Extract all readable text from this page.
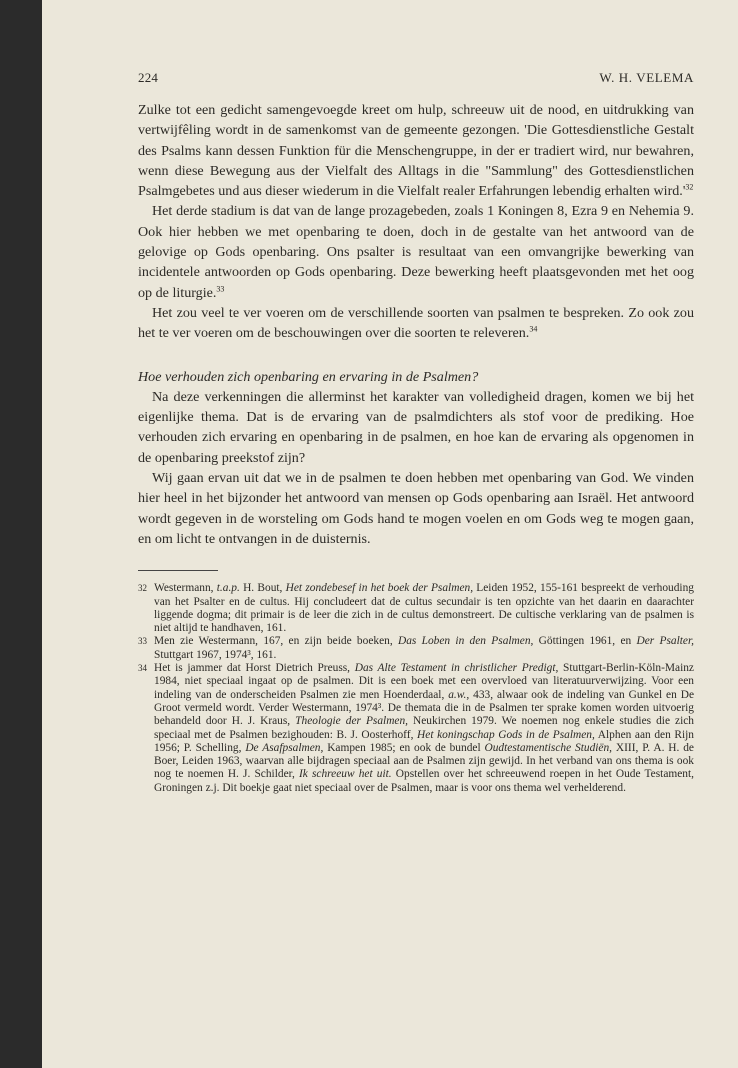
224	W. H. VELEMA

Zulke tot een gedicht samengevoegde kreet om hulp, schreeuw uit de nood, en uitdrukking van vertwijfêling wordt in de samenkomst van de gemeente gezongen. 'Die Gottesdienstliche Gestalt des Psalms kann dessen Funktion für die Menschengruppe, in der er tradiert wird, nur bewahren, wenn diese Bewegung aus der Vielfalt des Alltags in die "Sammlung" des Gottesdienstlichen Psalmgebetes und aus dieser wiederum in die Vielfalt realer Erfahrungen lebendig erhalten $wird.'^{32}$

Het derde stadium is dat van de lange prozagebeden, zoals 1 Koningen 8, Ezra 9 en Nehemia 9. Ook hier hebben we met openbaring te doen, doch in de gestalte van het antwoord van de gelovige op Gods openbaring. Ons psalter is resultaat van een omvangrijke bewerking van incidentele antwoorden op Gods openbaring. Deze bewerking heeft plaatsgevonden met het oog op de liturgie.$^{33}$

Het zou veel te ver voeren om de verschillende soorten van psalmen te bespreken. Zo ook zou het te ver voeren om de beschouwingen over die soorten te releveren.$^{34}$

Hoe verhouden zich openbaring en ervaring in de Psalmen?

Na deze verkenningen die allerminst het karakter van volledigheid dragen, komen we bij het eigenlijke thema. Dat is de ervaring van de psalmdichters als stof voor de prediking. Hoe verhouden zich ervaring en openbaring in de psalmen, en hoe kan de ervaring als opgenomen in de openbaring preekstof zijn?

Wij gaan ervan uit dat we in de psalmen te doen hebben met openbaring van God. We vinden hier heel in het bijzonder het antwoord van mensen op Gods openbaring aan Israël. Het antwoord wordt gegeven in de worsteling om Gods hand te mogen voelen en om Gods weg te mogen gaan, en om licht te ontvangen in de duisternis.

32 Westermann, t.a.p. H. Bout, Het zondebesef in het boek der Psalmen, Leiden 1952, 155-161 bespreekt de verhouding van het Psalter en de cultus. Hij concludeert dat de cultus secundair is ten opzichte van het daarin en daarachter liggende dogma; dit primair is de leer die zich in de cultus demonstreert. De cultische verklaring van de psalmen is niet altijd te handhaven, 161.
33 Men zie Westermann, 167, en zijn beide boeken, Das Loben in den Psalmen, Göttingen 1961, en Der Psalter, Stuttgart 1967, 1974³, 161.
34 Het is jammer dat Horst Dietrich Preuss, Das Alte Testament in christlicher Predigt, Stuttgart-Berlin-Köln-Mainz 1984, niet speciaal ingaat op de psalmen. Dit is een boek met een overvloed van literatuurverwijzing. Voor een indeling van de onderscheiden Psalmen zie men Hoenderdaal, a.w., 433, alwaar ook de indeling van Gunkel en De Groot vermeld wordt. Verder Westermann, 1974³. De themata die in de Psalmen ter sprake komen worden uitvoerig behandeld door H. J. Kraus, Theologie der Psalmen, Neukirchen 1979. We noemen nog enkele studies die zich speciaal met de Psalmen bezighouden: B. J. Oosterhoff, Het koningschap Gods in de Psalmen, Alphen aan den Rijn 1956; P. Schelling, De Asafpsalmen, Kampen 1985; en ook de bundel Oudtestamentische Studiën, XIII, P. A. H. de Boer, Leiden 1963, waarvan alle bijdragen speciaal aan de Psalmen zijn gewijd. In het verband van ons thema is ook nog te noemen H. J. Schilder, Ik schreeuw het uit. Opstellen over het schreeuwend roepen in het Oude Testament, Groningen z.j. Dit boekje gaat niet speciaal over de Psalmen, maar is voor ons thema wel verhelderend.
